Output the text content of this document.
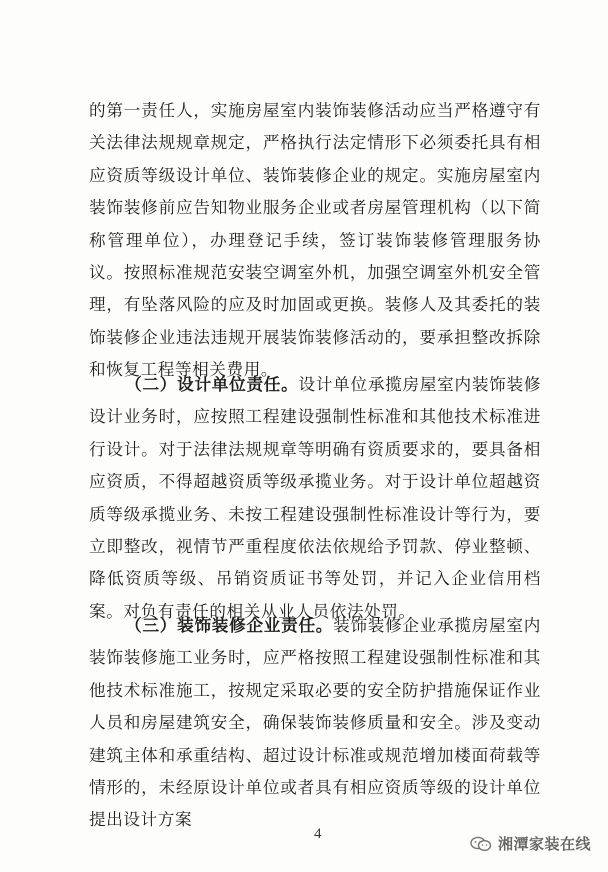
的第一责任人，实施房屋室内装饰装修活动应当严格遵守有关法律法规规章规定，严格执行法定情形下必须委托具有相应资质等级设计单位、装饰装修企业的规定。实施房屋室内装饰装修前应告知物业服务企业或者房屋管理机构（以下简称管理单位），办理登记手续，签订装饰装修管理服务协议。按照标准规范安装空调室外机，加强空调室外机安全管理，有坠落风险的应及时加固或更换。装修人及其委托的装饰装修企业违法违规开展装饰装修活动的，要承担整改拆除和恢复工程等相关费用。

（二）设计单位责任。设计单位承揽房屋室内装饰装修设计业务时，应按照工程建设强制性标准和其他技术标准进行设计。对于法律法规规章等明确有资质要求的，要具备相应资质，不得超越资质等级承揽业务。对于设计单位超越资质等级承揽业务、未按工程建设强制性标准设计等行为，要立即整改，视情节严重程度依法依规给予罚款、停业整顿、降低资质等级、吊销资质证书等处罚，并记入企业信用档案。对负有责任的相关从业人员依法处罚。

（三）装饰装修企业责任。装饰装修企业承揽房屋室内装饰装修施工业务时，应严格按照工程建设强制性标准和其他技术标准施工，按规定采取必要的安全防护措施保证作业人员和房屋建筑安全，确保装饰装修质量和安全。涉及变动建筑主体和承重结构、超过设计标准或规范增加楼面荷载等情形的，未经原设计单位或者具有相应资质等级的设计单位提出设计方案

4
湘潭家装在线
